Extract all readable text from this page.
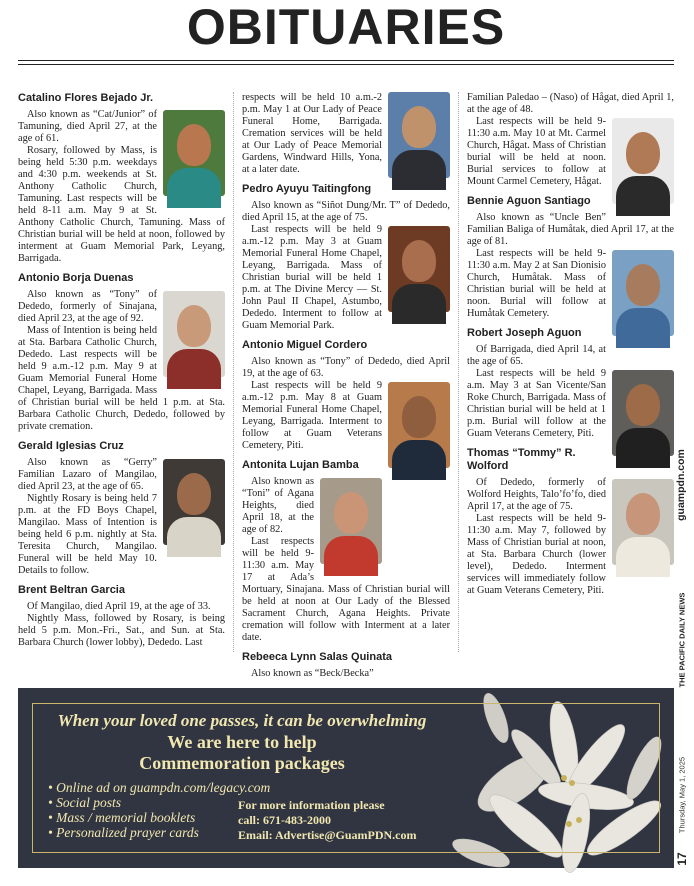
OBITUARIES
Catalino Flores Bejado Jr.

Also known as “Cat/Junior” of Tamuning, died April 27, at the age of 61.

Rosary, followed by Mass, is being held 5:30 p.m. weekdays and 4:30 p.m. weekends at St. Anthony Catholic Church, Tamuning. Last respects will be held 8-11 a.m. May 9 at St. Anthony Catholic Church, Tamuning. Mass of Christian burial will be held at noon, followed by interment at Guam Memorial Park, Leyang, Barrigada.

Antonio Borja Duenas

Also known as “Tony” of Dededo, formerly of Sinajana, died April 23, at the age of 92.

Mass of Intention is being held at Sta. Barbara Catholic Church, Dededo. Last respects will be held 9 a.m.-12 p.m. May 9 at Guam Memorial Funeral Home Chapel, Leyang, Barrigada. Mass of Christian burial will be held 1 p.m. at Sta. Barbara Catholic Church, Dededo, followed by private cremation.

Gerald Iglesias Cruz

Also known as “Gerry” Familian Lazaro of Mangilao, died April 23, at the age of 65.

Nightly Rosary is being held 7 p.m. at the FD Boys Chapel, Mangilao. Mass of Intention is being held 6 p.m. nightly at Sta. Teresita Church, Mangilao. Funeral will be held May 10. Details to follow.

Brent Beltran Garcia

Of Mangilao, died April 19, at the age of 33.

Nightly Mass, followed by Rosary, is being held 5 p.m. Mon.-Fri., Sat., and Sun. at Sta. Barbara Church (lower lobby), Dededo. Last

respects will be held 10 a.m.-2 p.m. May 1 at Our Lady of Peace Funeral Home, Barrigada. Cremation services will be held at Our Lady of Peace Memorial Gardens, Windward Hills, Yona, at a later date.

Pedro Ayuyu Taitingfong

Also known as “Siñot Dung/Mr. T” of Dededo, died April 15, at the age of 75.

Last respects will be held 9 a.m.-12 p.m. May 3 at Guam Memorial Funeral Home Chapel, Leyang, Barrigada. Mass of Christian burial will be held 1 p.m. at The Divine Mercy — St. John Paul II Chapel, Astumbo, Dededo. Interment to follow at Guam Memorial Park.

Antonio Miguel Cordero

Also known as “Tony” of Dededo, died April 19, at the age of 63.

Last respects will be held 9 a.m.-12 p.m. May 8 at Guam Memorial Funeral Home Chapel, Leyang, Barrigada. Interment to follow at Guam Veterans Cemetery, Piti.

Antonita Lujan Bamba

Also known as “Toni” of Agana Heights, died April 18, at the age of 82.

Last respects will be held 9-11:30 a.m. May 17 at Ada’s Mortuary, Sinajana. Mass of Christian burial will be held at noon at Our Lady of the Blessed Sacrament Church, Agana Heights. Private cremation will follow with Interment at a later date.

Rebeeca Lynn Salas Quinata

Also known as “Beck/Becka”

Familian Paledao – (Naso) of Hågat, died April 1, at the age of 48.

Last respects will be held 9-11:30 a.m. May 10 at Mt. Carmel Church, Hågat. Mass of Christian burial will be held at noon. Burial services to follow at Mount Carmel Cemetery, Hågat.

Bennie Aguon Santiago

Also known as “Uncle Ben” Familian Baliga of Humåtak, died April 17, at the age of 81.

Last respects will be held 9-11:30 a.m. May 2 at San Dionisio Church, Humåtak. Mass of Christian burial will be held at noon. Burial will follow at Humåtak Cemetery.

Robert Joseph Aguon

Of Barrigada, died April 14, at the age of 65.

Last respects will be held 9 a.m. May 3 at San Vicente/San Roke Church, Barrigada. Mass of Christian burial will be held at 1 p.m. Burial will follow at the Guam Veterans Cemetery, Piti.

Thomas “Tommy” R. Wolford

Of Dededo, formerly of Wolford Heights, Talo’fo’fo, died April 17, at the age of 75.

Last respects will be held 9-11:30 a.m. May 7, followed by Mass of Christian burial at noon, at Sta. Barbara Church (lower level), Dededo. Interment services will immediately follow at Guam Veterans Cemetery, Piti.

guampdn.com
THE PACIFIC DAILY NEWS
Thursday, May 1, 2025
17
When your loved one passes, it can be overwhelming
We are here to help
Commemoration packages
• Online ad on guampdn.com/legacy.com
• Social posts
• Mass / memorial booklets
• Personalized prayer cards
For more information please
call: 671-483-2000
Email: Advertise@GuamPDN.com
